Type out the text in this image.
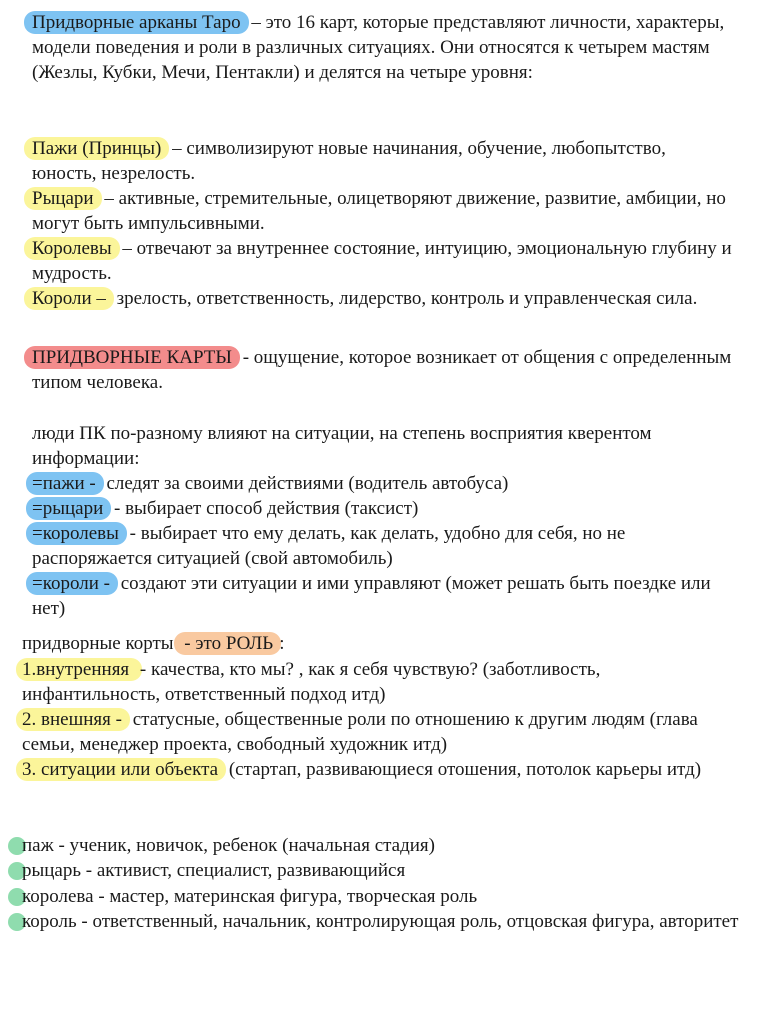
Придворные арканы Таро – это 16 карт, которые представляют личности, характеры, модели поведения и роли в различных ситуациях. Они относятся к четырем мастям (Жезлы, Кубки, Мечи, Пентакли) и делятся на четыре уровня:
Пажи (Принцы) – символизируют новые начинания, обучение, любопытство, юность, незрелость.
Рыцари – активные, стремительные, олицетворяют движение, развитие, амбиции, но могут быть импульсивными.
Королевы – отвечают за внутреннее состояние, интуицию, эмоциональную глубину и мудрость.
Короли – зрелость, ответственность, лидерство, контроль и управленческая сила.
ПРИДВОРНЫЕ КАРТЫ - ощущение, которое возникает от общения с определенным типом человека.
люди ПК по-разному влияют на ситуации, на степень восприятия кверентом информации:
=пажи - следят за своими действиями (водитель автобуса)
=рыцари - выбирает способ действия (таксист)
=королевы - выбирает что ему делать, как делать, удобно для себя, но не распоряжается ситуацией (свой автомобиль)
=короли - создают эти ситуации и ими управляют (может решать быть поездке или нет)
придворные корты - это РОЛЬ :
1.внутренняя - качества, кто мы? , как я себя чувствую? (заботливость, инфантильность, ответственный подход итд)
2. внешняя - статусные, общественные роли по отношению к другим людям (глава семьи, менеджер проекта, свободный художник итд)
3. ситуации или объекта (стартап, развивающиеся отошения, потолок карьеры итд)
паж - ученик, новичок, ребенок (начальная стадия)
рыцарь - активист, специалист, развивающийся
королева - мастер, материнская фигура, творческая роль
король - ответственный, начальник, контролирующая роль, отцовская фигура, авторитет
